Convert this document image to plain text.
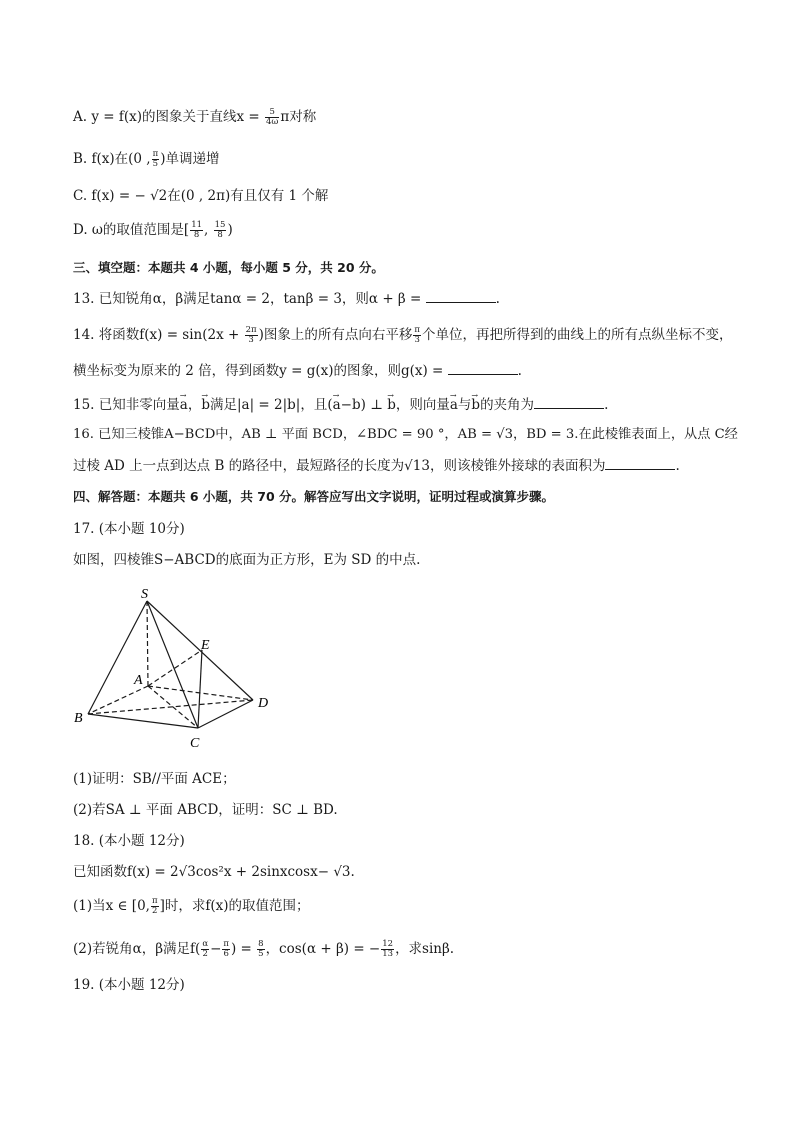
A. y = f(x)的图象关于直线$x = \frac{5}{4\omega}$ π对称
B. f(x)在(0 , $\frac{\pi}{5}$ )单调递增
C. f(x) = − √2在(0 , 2π)有且仅有 1 个解
D. ω的取值范围是[ $\frac{11}{8}$ , $\frac{15}{8}$ )
三、填空题：本题共 4 小题，每小题 5 分，共 20 分。
13. 已知锐角α，β满足tanα = 2，tanβ = 3，则α + β =	.
14. 将函数$f(x) = \sin(2x + \frac{2\pi}{3}$ )图象上的所有点向右平移 $\frac{\pi}{3}$ 个单位，再把所得到的曲线上的所有点纵坐标不变，
横坐标变为原来的 2 倍，得到函数y = g(x)的图象，则g(x) =	.
15. 已知非零向量→ a，→ b满足|a| = 2|b|，且(→ a−b) ⊥ → b，则向量→ a与→ b的夹角为	.
16. 已知三棱锥A−BCD中，AB ⊥ 平面 BCD，∠BDC = 90 °，AB = √3，BD = 3.在此棱锥表面上，从点 C经
过棱 AD 上一点到达点 B 的路径中，最短路径的长度为√13，则该棱锥外接球的表面积为	.
四、解答题：本题共 6 小题，共 70 分。解答应写出文字说明，证明过程或演算步骤。
17. (本小题 10分)
如图，四棱锥S−ABCD的底面为正方形，E为 SD 的中点.
S
E
A
B
C
D
(1)证明：SB//平面 ACE；
(2)若SA ⊥ 平面 ABCD，证明：SC ⊥ BD.
18. (本小题 12分)
已知函数f(x) = 2√3cos²x + 2sinxcosx− √3.
(1)当x ∈ [0, $\frac{\pi}{2}$ ]时，求f(x)的取值范围；
(2)若锐角α，β满足$f( \frac{\alpha}{2} - \frac{\pi}{6}$ ) = $\frac{8}{5}$ ，cos(α + β) = − $\frac{12}{13}$ ，求sinβ.
19. (本小题 12分)
